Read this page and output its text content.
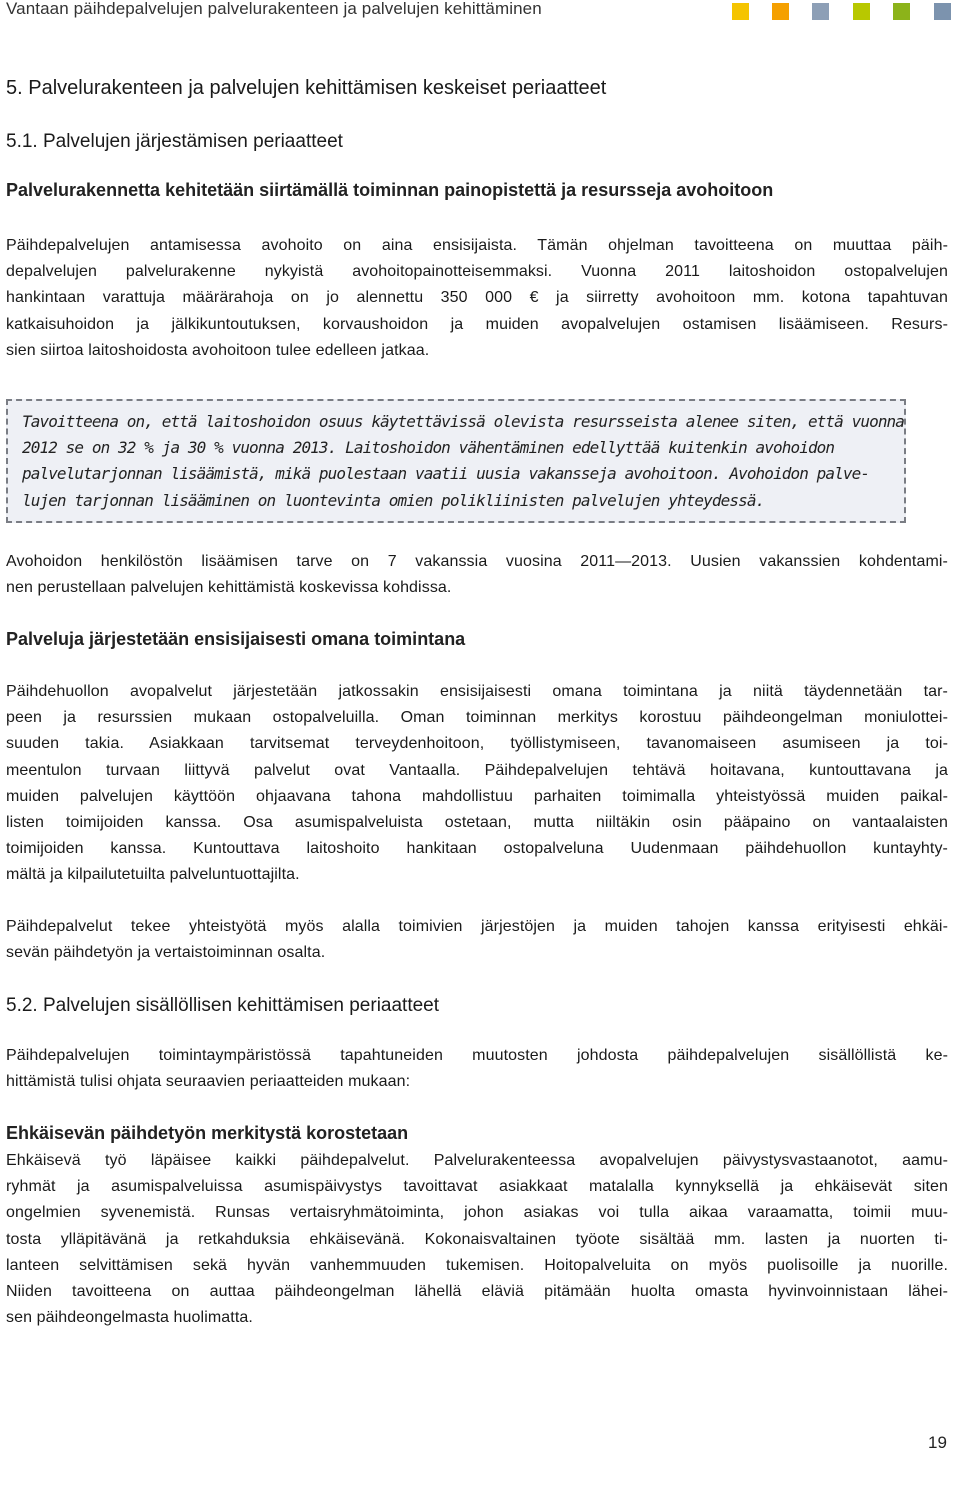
Vantaan päihdepalvelujen palvelurakenteen ja palvelujen kehittäminen
5. Palvelurakenteen ja palvelujen kehittämisen keskeiset periaatteet
5.1. Palvelujen järjestämisen periaatteet
Palvelurakennetta kehitetään siirtämällä toiminnan painopistettä ja resursseja avohoitoon
Päihdepalvelujen antamisessa avohoito on aina ensisijaista. Tämän ohjelman tavoitteena on muuttaa päih-
depalvelujen palvelurakenne nykyistä avohoitopainotteisemmaksi. Vuonna 2011 laitoshoidon ostopalvelujen
hankintaan varattuja määrärahoja on jo alennettu 350 000 € ja siirretty avohoitoon mm. kotona tapahtuvan
katkaisuhoidon ja jälkikuntoutuksen, korvaushoidon ja muiden avopalvelujen ostamisen lisäämiseen. Resurs-
sien siirtoa laitoshoidosta avohoitoon tulee edelleen jatkaa.
Tavoitteena on, että laitoshoidon osuus käytettävissä olevista resursseista alenee siten, että vuonna
2012 se on 32 % ja 30 % vuonna 2013. Laitoshoidon vähentäminen edellyttää kuitenkin avohoidon
palvelutarjonnan lisäämistä, mikä puolestaan vaatii uusia vakansseja avohoitoon. Avohoidon palve-
lujen tarjonnan lisääminen on luontevinta omien polikliinisten palvelujen yhteydessä.
Avohoidon henkilöstön lisäämisen tarve on 7 vakanssia vuosina 2011—2013. Uusien vakanssien kohdentami-
nen perustellaan palvelujen kehittämistä koskevissa kohdissa.
Palveluja järjestetään ensisijaisesti omana toimintana
Päihdehuollon avopalvelut järjestetään jatkossakin ensisijaisesti omana toimintana ja niitä täydennetään tar-
peen ja resurssien mukaan ostopalveluilla. Oman toiminnan merkitys korostuu päihdeongelman moniulottei-
suuden takia. Asiakkaan tarvitsemat terveydenhoitoon, työllistymiseen, tavanomaiseen asumiseen ja toi-
meentulon turvaan liittyvä palvelut ovat Vantaalla. Päihdepalvelujen tehtävä hoitavana, kuntouttavana ja
muiden palvelujen käyttöön ohjaavana tahona mahdollistuu parhaiten toimimalla yhteistyössä muiden paikal-
listen toimijoiden kanssa. Osa asumispalveluista ostetaan, mutta niiltäkin osin pääpaino on vantaalaisten
toimijoiden kanssa. Kuntouttava laitoshoito hankitaan ostopalveluna Uudenmaan päihdehuollon kuntayhty-
mältä ja kilpailutetuilta palveluntuottajilta.
Päihdepalvelut tekee yhteistyötä myös alalla toimivien järjestöjen ja muiden tahojen kanssa erityisesti ehkäi-
sevän päihdetyön ja vertaistoiminnan osalta.
5.2. Palvelujen sisällöllisen kehittämisen periaatteet
Päihdepalvelujen toimintaympäristössä tapahtuneiden muutosten johdosta päihdepalvelujen sisällöllistä ke-
hittämistä tulisi ohjata seuraavien periaatteiden mukaan:
Ehkäisevän päihdetyön merkitystä korostetaan
Ehkäisevä työ läpäisee kaikki päihdepalvelut. Palvelurakenteessa avopalvelujen päivystysvastaanotot, aamu-
ryhmät ja asumispalveluissa asumispäivystys tavoittavat asiakkaat matalalla kynnyksellä ja ehkäisevät siten
ongelmien syvenemistä. Runsas vertaisryhmätoiminta, johon asiakas voi tulla aikaa varaamatta, toimii muu-
tosta ylläpitävänä ja retkahduksia ehkäisevänä. Kokonaisvaltainen työote sisältää mm. lasten ja nuorten ti-
lanteen selvittämisen sekä hyvän vanhemmuuden tukemisen. Hoitopalveluita on myös puolisoille ja nuorille.
Niiden tavoitteena on auttaa päihdeongelman lähellä eläviä pitämään huolta omasta hyvinvoinnistaan lähei-
sen päihdeongelmasta huolimatta.
19
